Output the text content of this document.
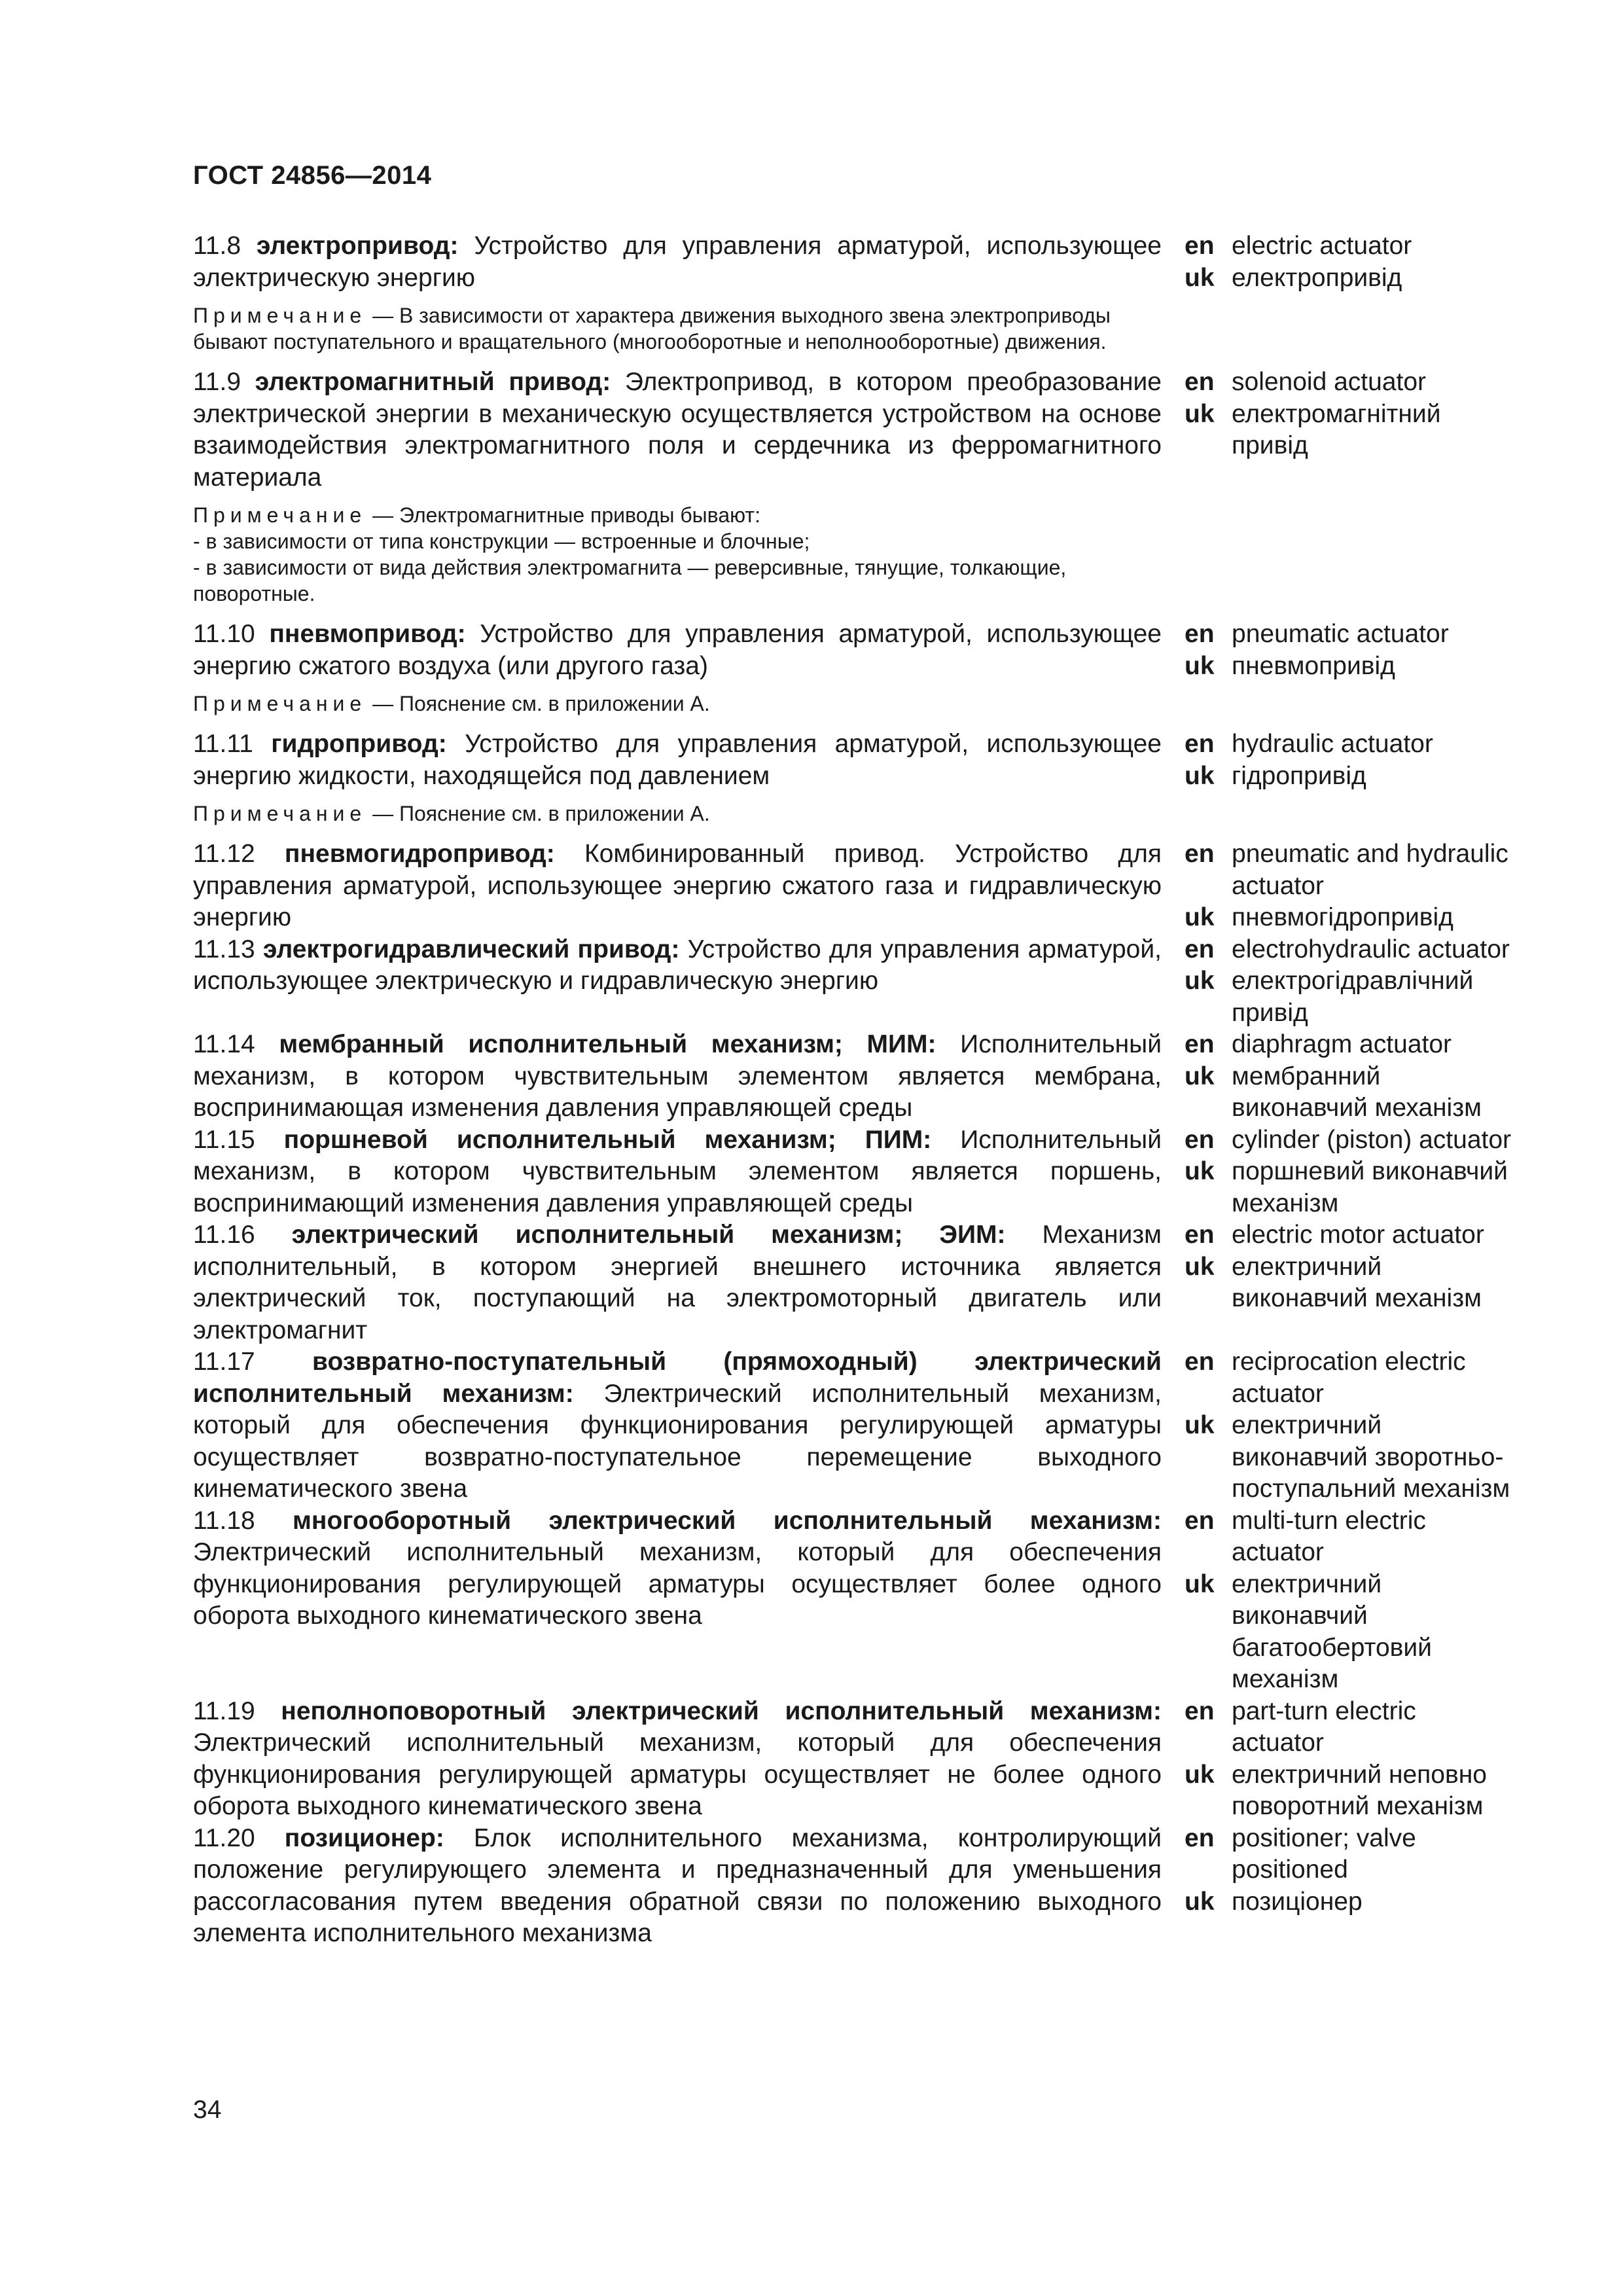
ГОСТ 24856—2014
11.8 электропривод: Устройство для управления арматурой, использующее электрическую энергию
en electric actuator
uk електропривід
Примечание — В зависимости от характера движения выходного звена электроприводы бывают поступательного и вращательного (многооборотные и неполнооборотные) движения.
11.9 электромагнитный привод: Электропривод, в котором преобразование электрической энергии в механическую осуществляется устройством на основе взаимодействия электромагнитного поля и сердечника из ферромагнитного материала
en solenoid actuator
uk електромагнітний привід
Примечание — Электромагнитные приводы бывают:
- в зависимости от типа конструкции — встроенные и блочные;
- в зависимости от вида действия электромагнита — реверсивные, тянущие, толкающие, поворотные.
11.10 пневмопривод: Устройство для управления арматурой, использующее энергию сжатого воздуха (или другого газа)
en pneumatic actuator
uk пневмопривід
Примечание — Пояснение см. в приложении А.
11.11 гидропривод: Устройство для управления арматурой, использующее энергию жидкости, находящейся под давлением
en hydraulic actuator
uk гідропривід
Примечание — Пояснение см. в приложении А.
11.12 пневмогидропривод: Комбинированный привод. Устройство для управления арматурой, использующее энергию сжатого газа и гидравлическую энергию
en pneumatic and hydraulic actuator
uk пневмогідропривід
11.13 электрогидравлический привод: Устройство для управления арматурой, использующее электрическую и гидравлическую энергию
en electrohydraulic actuator
uk електрогідравлічний привід
11.14 мембранный исполнительный механизм; МИМ: Исполнительный механизм, в котором чувствительным элементом является мембрана, воспринимающая изменения давления управляющей среды
en diaphragm actuator
uk мембранний виконавчий механізм
11.15 поршневой исполнительный механизм; ПИМ: Исполнительный механизм, в котором чувствительным элементом является поршень, воспринимающий изменения давления управляющей среды
en cylinder (piston) actuator
uk поршневий виконавчий механізм
11.16 электрический исполнительный механизм; ЭИМ: Механизм исполнительный, в котором энергией внешнего источника является электрический ток, поступающий на электромоторный двигатель или электромагнит
en electric motor actuator
uk електричний виконавчий механізм
11.17 возвратно-поступательный (прямоходный) электрический исполнительный механизм: Электрический исполнительный механизм, который для обеспечения функционирования регулирующей арматуры осуществляет возвратно-поступательное перемещение выходного кинематического звена
en reciprocation electric actuator
uk електричний виконавчий зворотньо-поступальний механізм
11.18 многооборотный электрический исполнительный механизм: Электрический исполнительный механизм, который для обеспечения функционирования регулирующей арматуры осуществляет более одного оборота выходного кинематического звена
en multi-turn electric actuator
uk електричний виконавчий багатообертовий механізм
11.19 неполноповоротный электрический исполнительный механизм: Электрический исполнительный механизм, который для обеспечения функционирования регулирующей арматуры осуществляет не более одного оборота выходного кинематического звена
en part-turn electric actuator
uk електричний неповно поворотний механізм
11.20 позиционер: Блок исполнительного механизма, контролирующий положение регулирующего элемента и предназначенный для уменьшения рассогласования путем введения обратной связи по положению выходного элемента исполнительного механизма
en positioner; valve positioned
uk позиціонер
34
